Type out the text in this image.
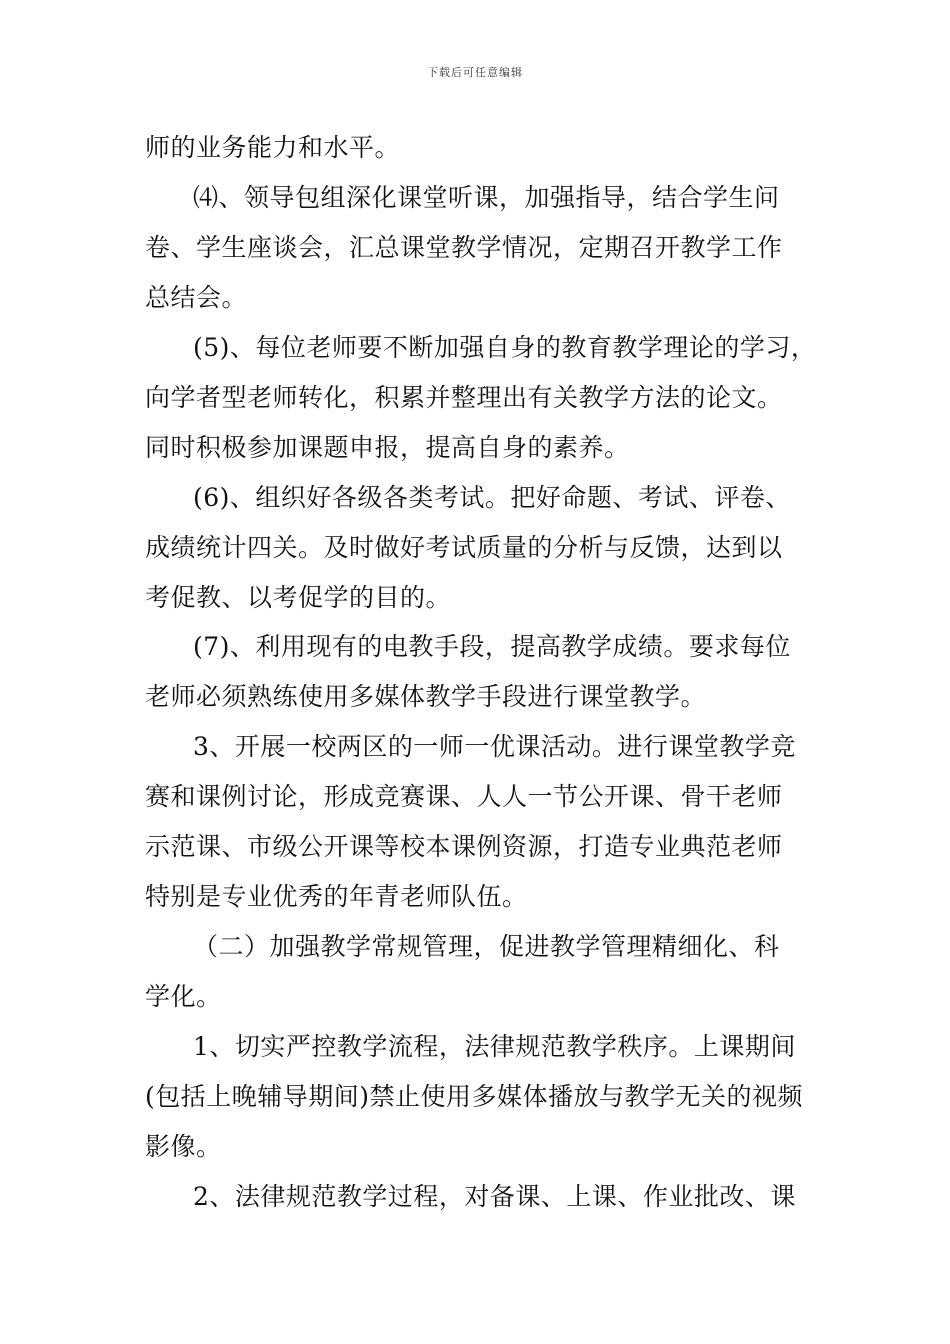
下载后可任意编辑
师的业务能力和水平。
⑷、领导包组深化课堂听课，加强指导，结合学生问
卷、学生座谈会，汇总课堂教学情况，定期召开教学工作
总结会。
(5)、每位老师要不断加强自身的教育教学理论的学习，
向学者型老师转化，积累并整理出有关教学方法的论文。
同时积极参加课题申报，提高自身的素养。
(6)、组织好各级各类考试。把好命题、考试、评卷、
成绩统计四关。及时做好考试质量的分析与反馈，达到以
考促教、以考促学的目的。
(7)、利用现有的电教手段，提高教学成绩。要求每位
老师必须熟练使用多媒体教学手段进行课堂教学。
3、开展一校两区的一师一优课活动。进行课堂教学竞
赛和课例讨论，形成竞赛课、人人一节公开课、骨干老师
示范课、市级公开课等校本课例资源，打造专业典范老师
特别是专业优秀的年青老师队伍。
（二）加强教学常规管理，促进教学管理精细化、科
学化。
1、切实严控教学流程，法律规范教学秩序。上课期间
(包括上晚辅导期间)禁止使用多媒体播放与教学无关的视频
影像。
2、法律规范教学过程，对备课、上课、作业批改、课
